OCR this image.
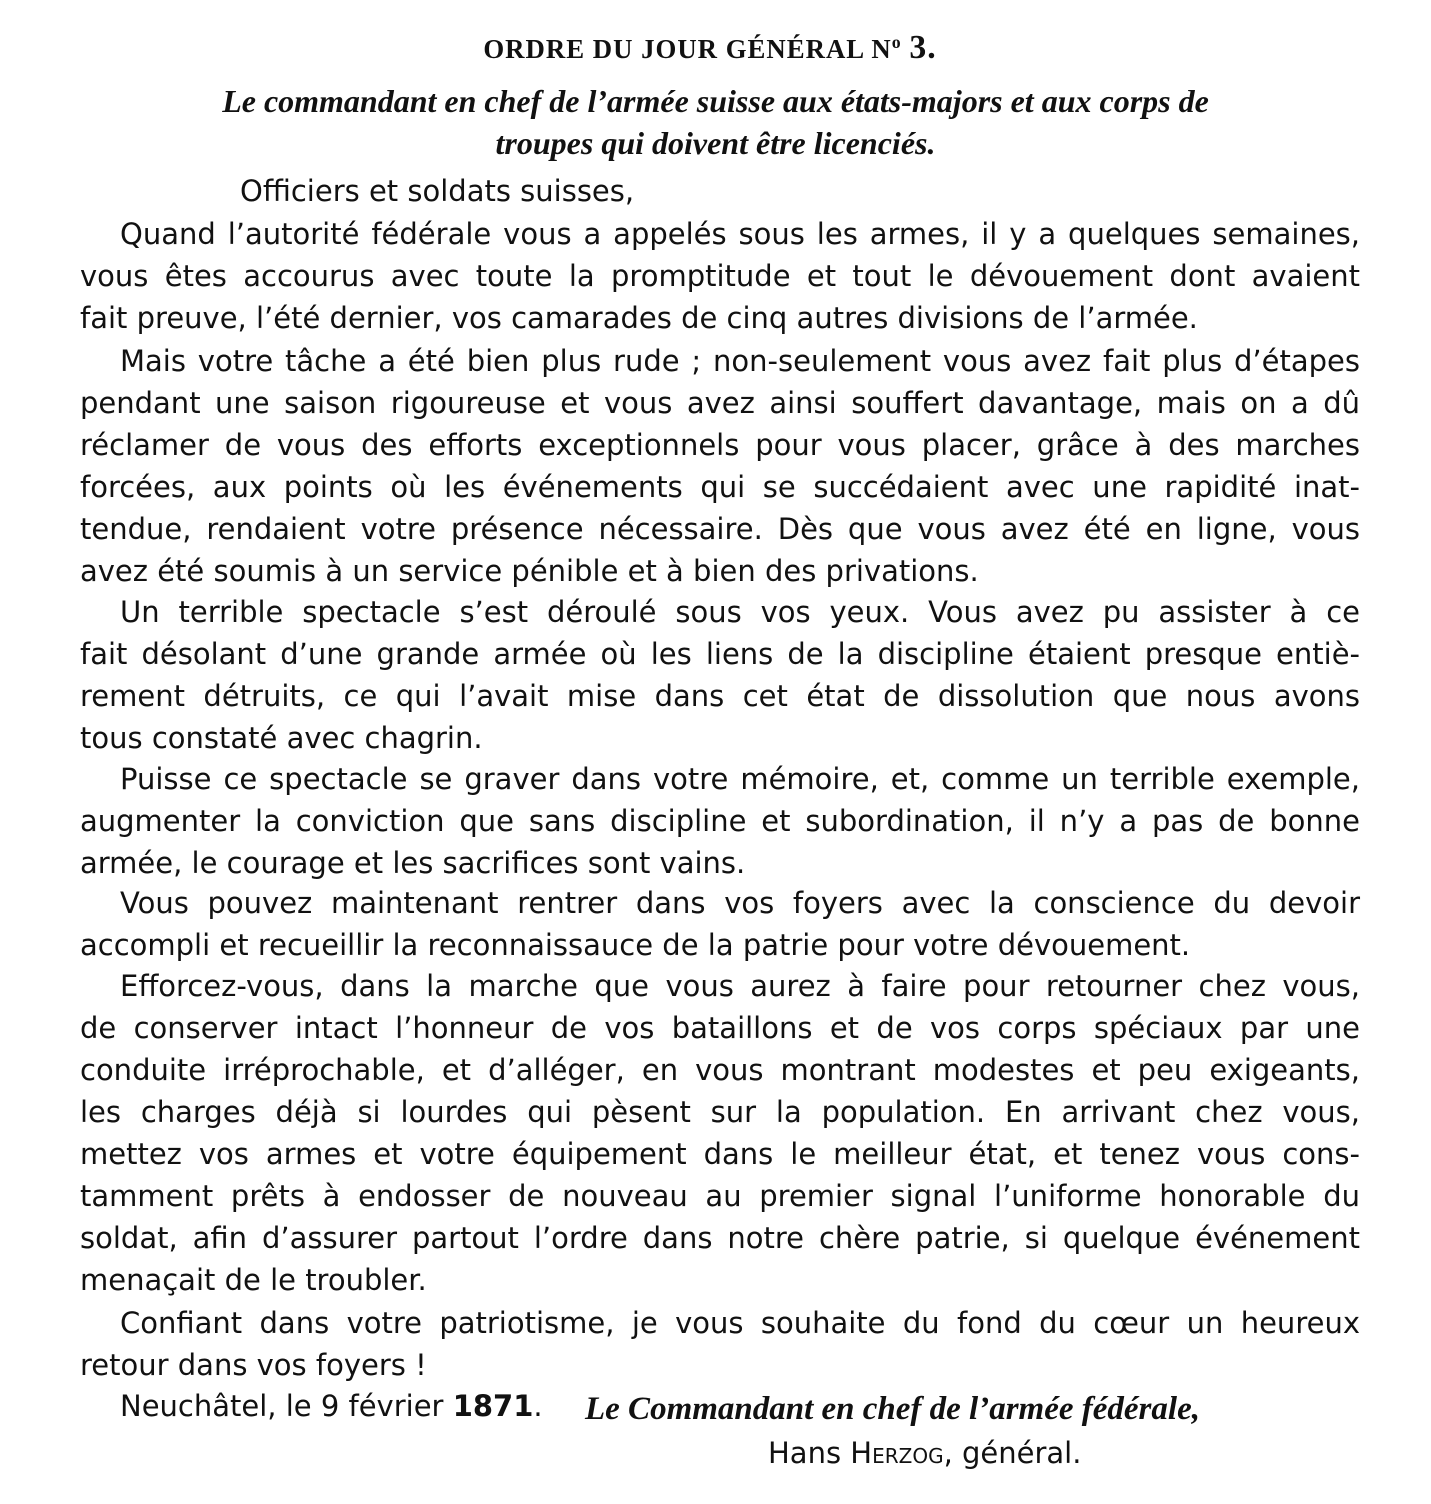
ORDRE DU JOUR GÉNÉRAL $N^o$ 3.
Le commandant en chef de l’armée suisse aux états-majors et aux corps de
troupes qui doivent être licenciés.
Officiers et soldats suisses,
Quand l’autorité fédérale vous a appelés sous les armes, il y a quelques semaines,
vous êtes accourus avec toute la promptitude et tout le dévouement dont avaient
fait preuve, l’été dernier, vos camarades de cinq autres divisions de l’armée.
Mais votre tâche a été bien plus rude ; non-seulement vous avez fait plus d’étapes
pendant une saison rigoureuse et vous avez ainsi souffert davantage, mais on a dû
réclamer de vous des efforts exceptionnels pour vous placer, grâce à des marches
forcées, aux points où les événements qui se succédaient avec une rapidité inat-
tendue, rendaient votre présence nécessaire. Dès que vous avez été en ligne, vous
avez été soumis à un service pénible et à bien des privations.
Un terrible spectacle s’est déroulé sous vos yeux. Vous avez pu assister à ce
fait désolant d’une grande armée où les liens de la discipline étaient presque entiè-
rement détruits, ce qui l’avait mise dans cet état de dissolution que nous avons
tous constaté avec chagrin.
Puisse ce spectacle se graver dans votre mémoire, et, comme un terrible exemple,
augmenter la conviction que sans discipline et subordination, il n’y a pas de bonne
armée, le courage et les sacrifices sont vains.
Vous pouvez maintenant rentrer dans vos foyers avec la conscience du devoir
accompli et recueillir la reconnaissauce de la patrie pour votre dévouement.
Efforcez-vous, dans la marche que vous aurez à faire pour retourner chez vous,
de conserver intact l’honneur de vos bataillons et de vos corps spéciaux par une
conduite irréprochable, et d’alléger, en vous montrant modestes et peu exigeants,
les charges déjà si lourdes qui pèsent sur la population. En arrivant chez vous,
mettez vos armes et votre équipement dans le meilleur état, et tenez vous cons-
tamment prêts à endosser de nouveau au premier signal l’uniforme honorable du
soldat, afin d’assurer partout l’ordre dans notre chère patrie, si quelque événement
menaçait de le troubler.
Confiant dans votre patriotisme, je vous souhaite du fond du cœur un heureux
retour dans vos foyers !
Neuchâtel, le 9 février 1871. Le Commandant en chef de l’armée fédérale,
Hans Herzog, général.
